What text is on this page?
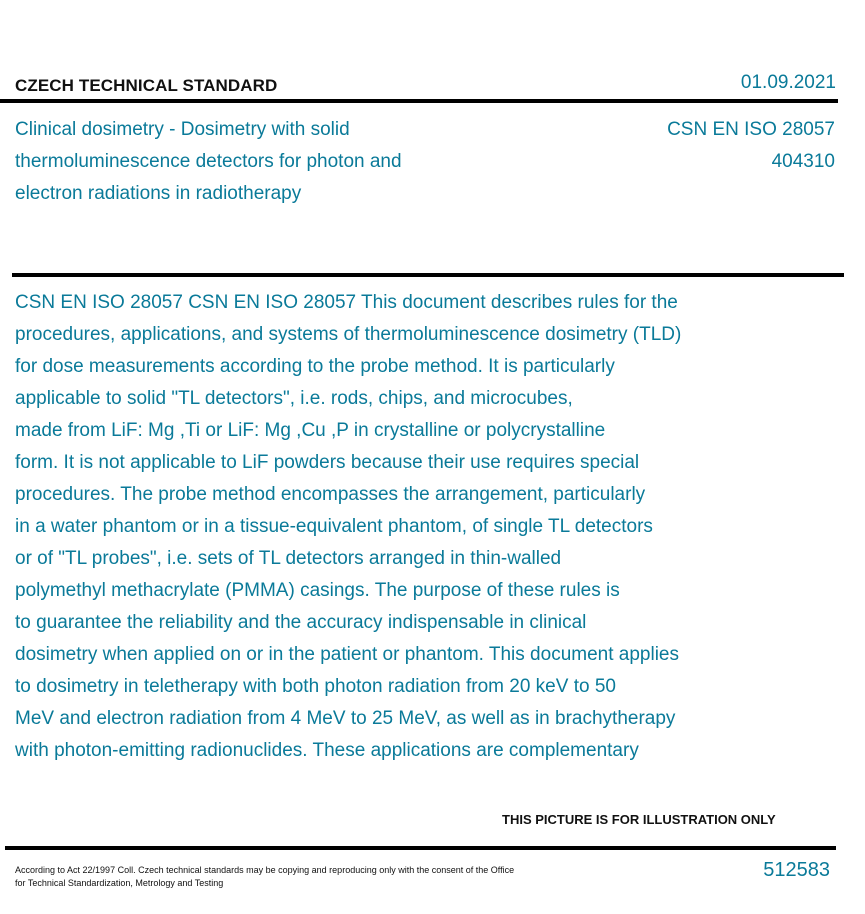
CZECH TECHNICAL STANDARD	01.09.2021
Clinical dosimetry - Dosimetry with solid
thermoluminescence detectors for photon and
electron radiations in radiotherapy
CSN EN ISO 28057
404310
CSN EN ISO 28057 CSN EN ISO 28057 This document describes rules for the
procedures, applications, and systems of thermoluminescence dosimetry (TLD)
for dose measurements according to the probe method. It is particularly
applicable to solid "TL detectors", i.e. rods, chips, and microcubes,
made from LiF: Mg ,Ti or LiF: Mg ,Cu ,P in crystalline or polycrystalline
form. It is not applicable to LiF powders because their use requires special
procedures. The probe method encompasses the arrangement, particularly
in a water phantom or in a tissue-equivalent phantom, of single TL detectors
or of "TL probes", i.e. sets of TL detectors arranged in thin-walled
polymethyl methacrylate (PMMA) casings. The purpose of these rules is
to guarantee the reliability and the accuracy indispensable in clinical
dosimetry when applied on or in the patient or phantom. This document applies
to dosimetry in teletherapy with both photon radiation from 20 keV to 50
MeV and electron radiation from 4 MeV to 25 MeV, as well as in brachytherapy
with photon-emitting radionuclides. These applications are complementary
THIS PICTURE IS FOR ILLUSTRATION ONLY
According to Act 22/1997 Coll. Czech technical standards may be copying and reproducing only with the consent of the Office
for Technical Standardization, Metrology and Testing
512583
